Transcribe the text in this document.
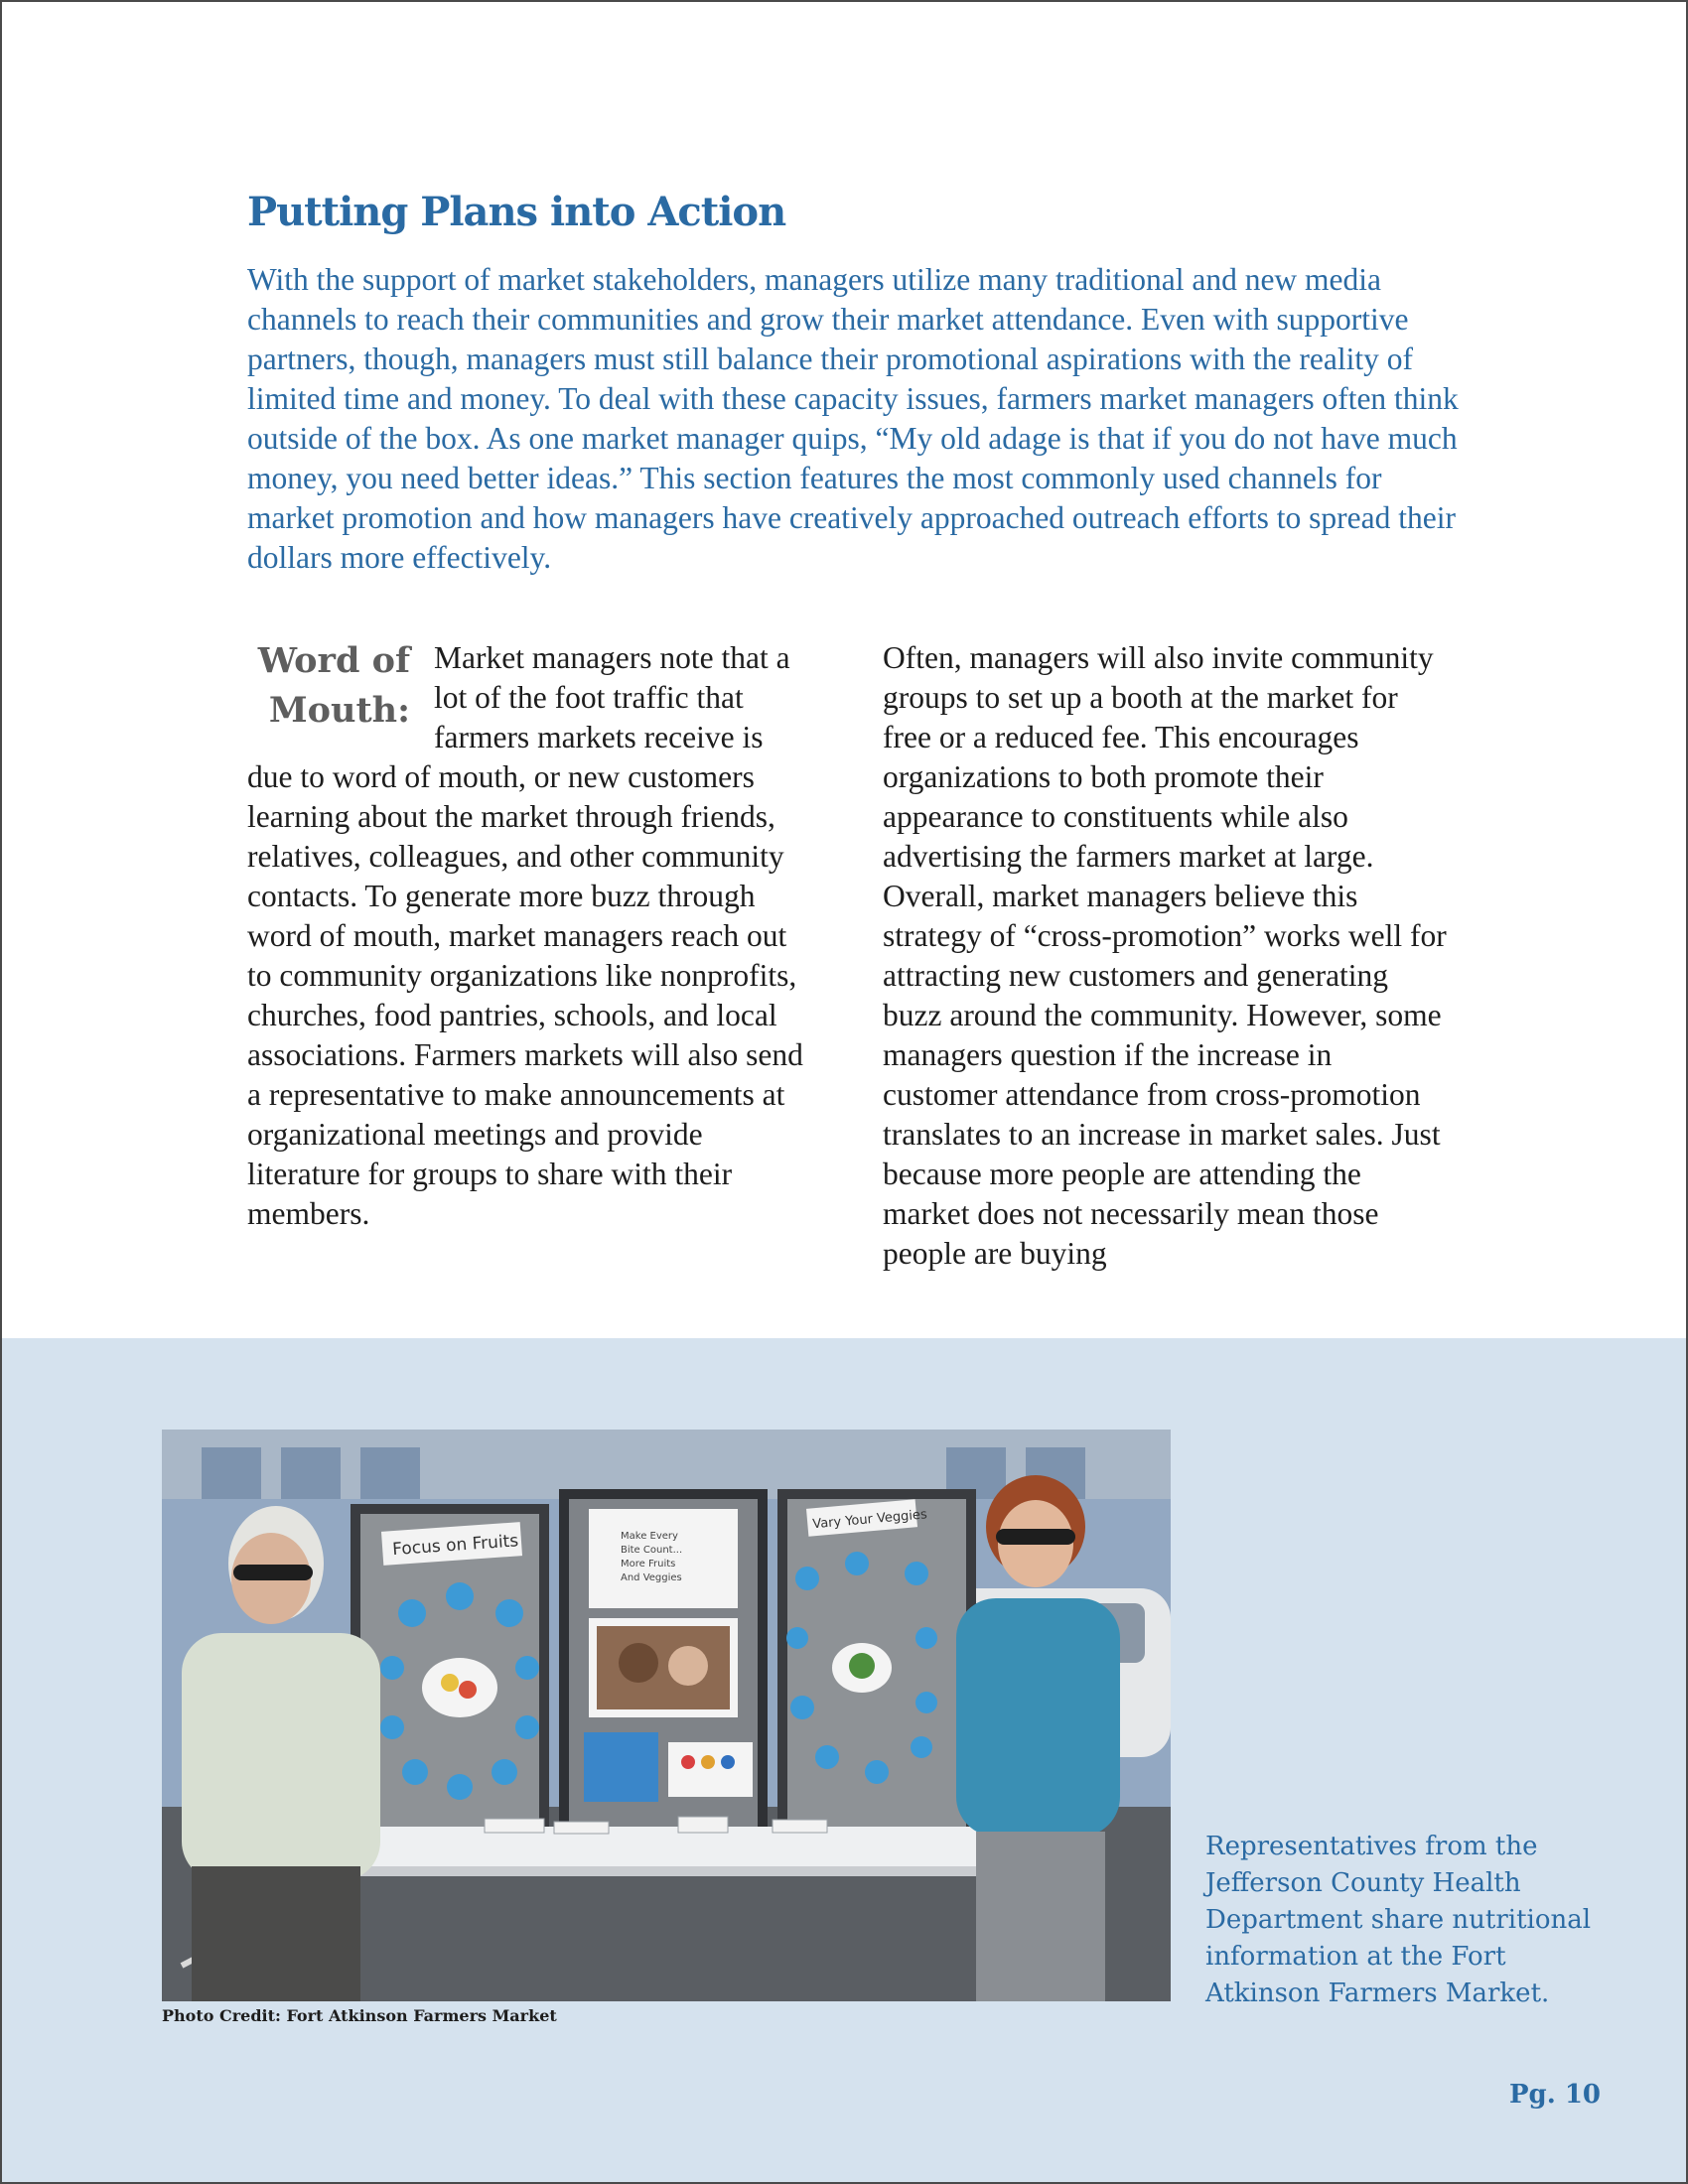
Putting Plans into Action

With the support of market stakeholders, managers utilize many traditional and new media channels to reach their communities and grow their market attendance. Even with supportive partners, though, managers must still balance their promotional aspirations with the reality of limited time and money. To deal with these capacity issues, farmers market managers often think outside of the box. As one market manager quips, “My old adage is that if you do not have much money, you need better ideas.” This section features the most commonly used channels for market promotion and how managers have creatively approached outreach efforts to spread their dollars more effectively.

Word of
Mouth:
Market managers note that a lot of the foot traffic that farmers markets receive is due to word of mouth, or new customers learning about the market through friends, relatives, colleagues, and other community contacts. To generate more buzz through word of mouth, market managers reach out to community organizations like nonprofits, churches, food pantries, schools, and local associations. Farmers markets will also send a representative to make announcements at organizational meetings and provide literature for groups to share with their members.
Often, managers will also invite community groups to set up a booth at the market for free or a reduced fee. This encourages organizations to both promote their appearance to constituents while also advertising the farmers market at large. Overall, market managers believe this strategy of “cross-promotion” works well for attracting new customers and generating buzz around the community. However, some managers question if the increase in customer attendance from cross-promotion translates to an increase in market sales. Just because more people are attending the market does not necessarily mean those people are buying
Focus on Fruits
Vary Your Veggies
Make Every
Bite Count...
More Fruits
And Veggies
Photo Credit: Fort Atkinson Farmers Market

Representatives from the Jefferson County Health Department share nutritional information at the Fort Atkinson Farmers Market.

Pg. 10
